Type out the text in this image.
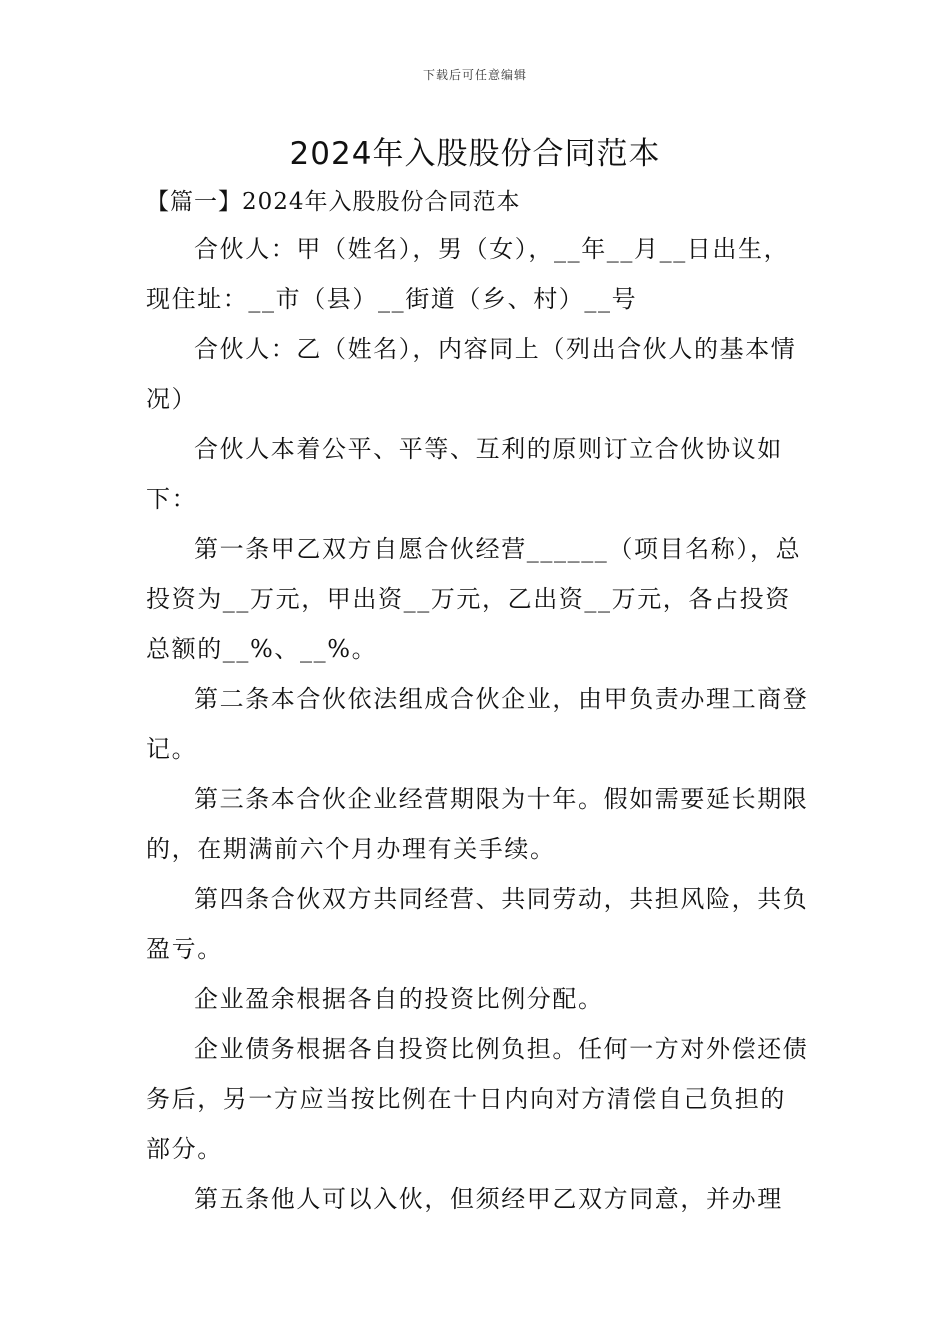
下载后可任意编辑
2024年入股股份合同范本
【篇一】2024年入股股份合同范本

合伙人：甲（姓名），男（女），__年__月__日出生，现住址：__市（县）__街道（乡、村）__号

合伙人：乙（姓名），内容同上（列出合伙人的基本情况）

合伙人本着公平、平等、互利的原则订立合伙协议如下：

第一条甲乙双方自愿合伙经营______（项目名称），总投资为__万元，甲出资__万元，乙出资__万元，各占投资总额的__%、__%。

第二条本合伙依法组成合伙企业，由甲负责办理工商登记。

第三条本合伙企业经营期限为十年。假如需要延长期限的，在期满前六个月办理有关手续。

第四条合伙双方共同经营、共同劳动，共担风险，共负盈亏。

企业盈余根据各自的投资比例分配。

企业债务根据各自投资比例负担。任何一方对外偿还债务后，另一方应当按比例在十日内向对方清偿自己负担的部分。

第五条他人可以入伙，但须经甲乙双方同意，并办理
